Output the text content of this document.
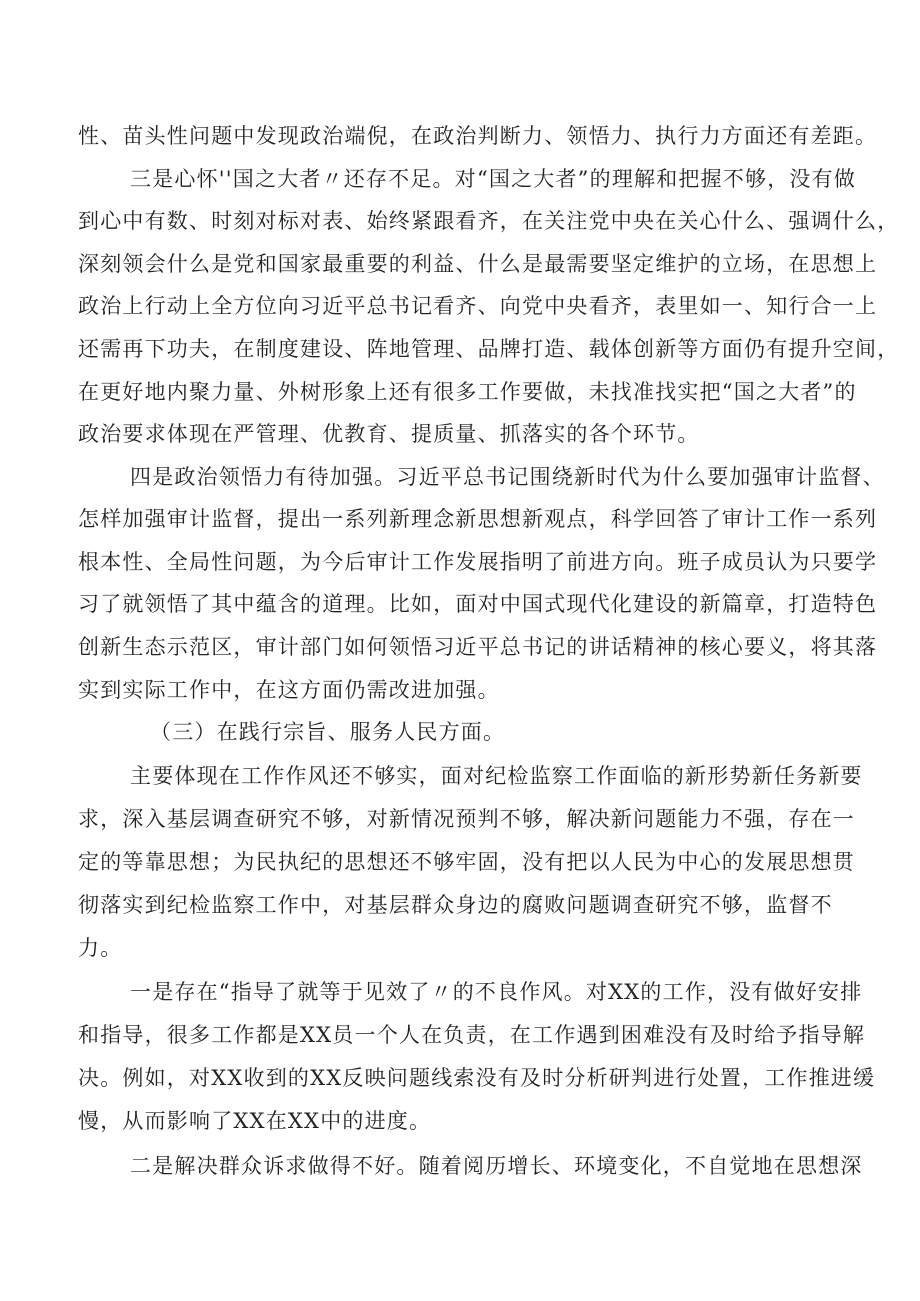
性、苗头性问题中发现政治端倪，在政治判断力、领悟力、执行力方面还有差距。
三是心怀''国之大者〃还存不足。对“国之大者”的理解和把握不够，没有做
到心中有数、时刻对标对表、始终紧跟看齐，在关注党中央在关心什么、强调什么，
深刻领会什么是党和国家最重要的利益、什么是最需要坚定维护的立场，在思想上
政治上行动上全方位向习近平总书记看齐、向党中央看齐，表里如一、知行合一上
还需再下功夫，在制度建设、阵地管理、品牌打造、载体创新等方面仍有提升空间，
在更好地内聚力量、外树形象上还有很多工作要做，未找准找实把“国之大者”的
政治要求体现在严管理、优教育、提质量、抓落实的各个环节。
四是政治领悟力有待加强。习近平总书记围绕新时代为什么要加强审计监督、
怎样加强审计监督，提出一系列新理念新思想新观点，科学回答了审计工作一系列
根本性、全局性问题，为今后审计工作发展指明了前进方向。班子成员认为只要学
习了就领悟了其中蕴含的道理。比如，面对中国式现代化建设的新篇章，打造特色
创新生态示范区，审计部门如何领悟习近平总书记的讲话精神的核心要义，将其落
实到实际工作中，在这方面仍需改进加强。
（三）在践行宗旨、服务人民方面。
主要体现在工作作风还不够实，面对纪检监察工作面临的新形势新任务新要
求，深入基层调查研究不够，对新情况预判不够，解决新问题能力不强，存在一
定的等靠思想；为民执纪的思想还不够牢固，没有把以人民为中心的发展思想贯
彻落实到纪检监察工作中，对基层群众身边的腐败问题调查研究不够，监督不
力。
一是存在“指导了就等于见效了〃的不良作风。对XX的工作，没有做好安排
和指导，很多工作都是XX员一个人在负责，在工作遇到困难没有及时给予指导解
决。例如，对XX收到的XX反映问题线索没有及时分析研判进行处置，工作推进缓
慢，从而影响了XX在XX中的进度。
二是解决群众诉求做得不好。随着阅历增长、环境变化，不自觉地在思想深
